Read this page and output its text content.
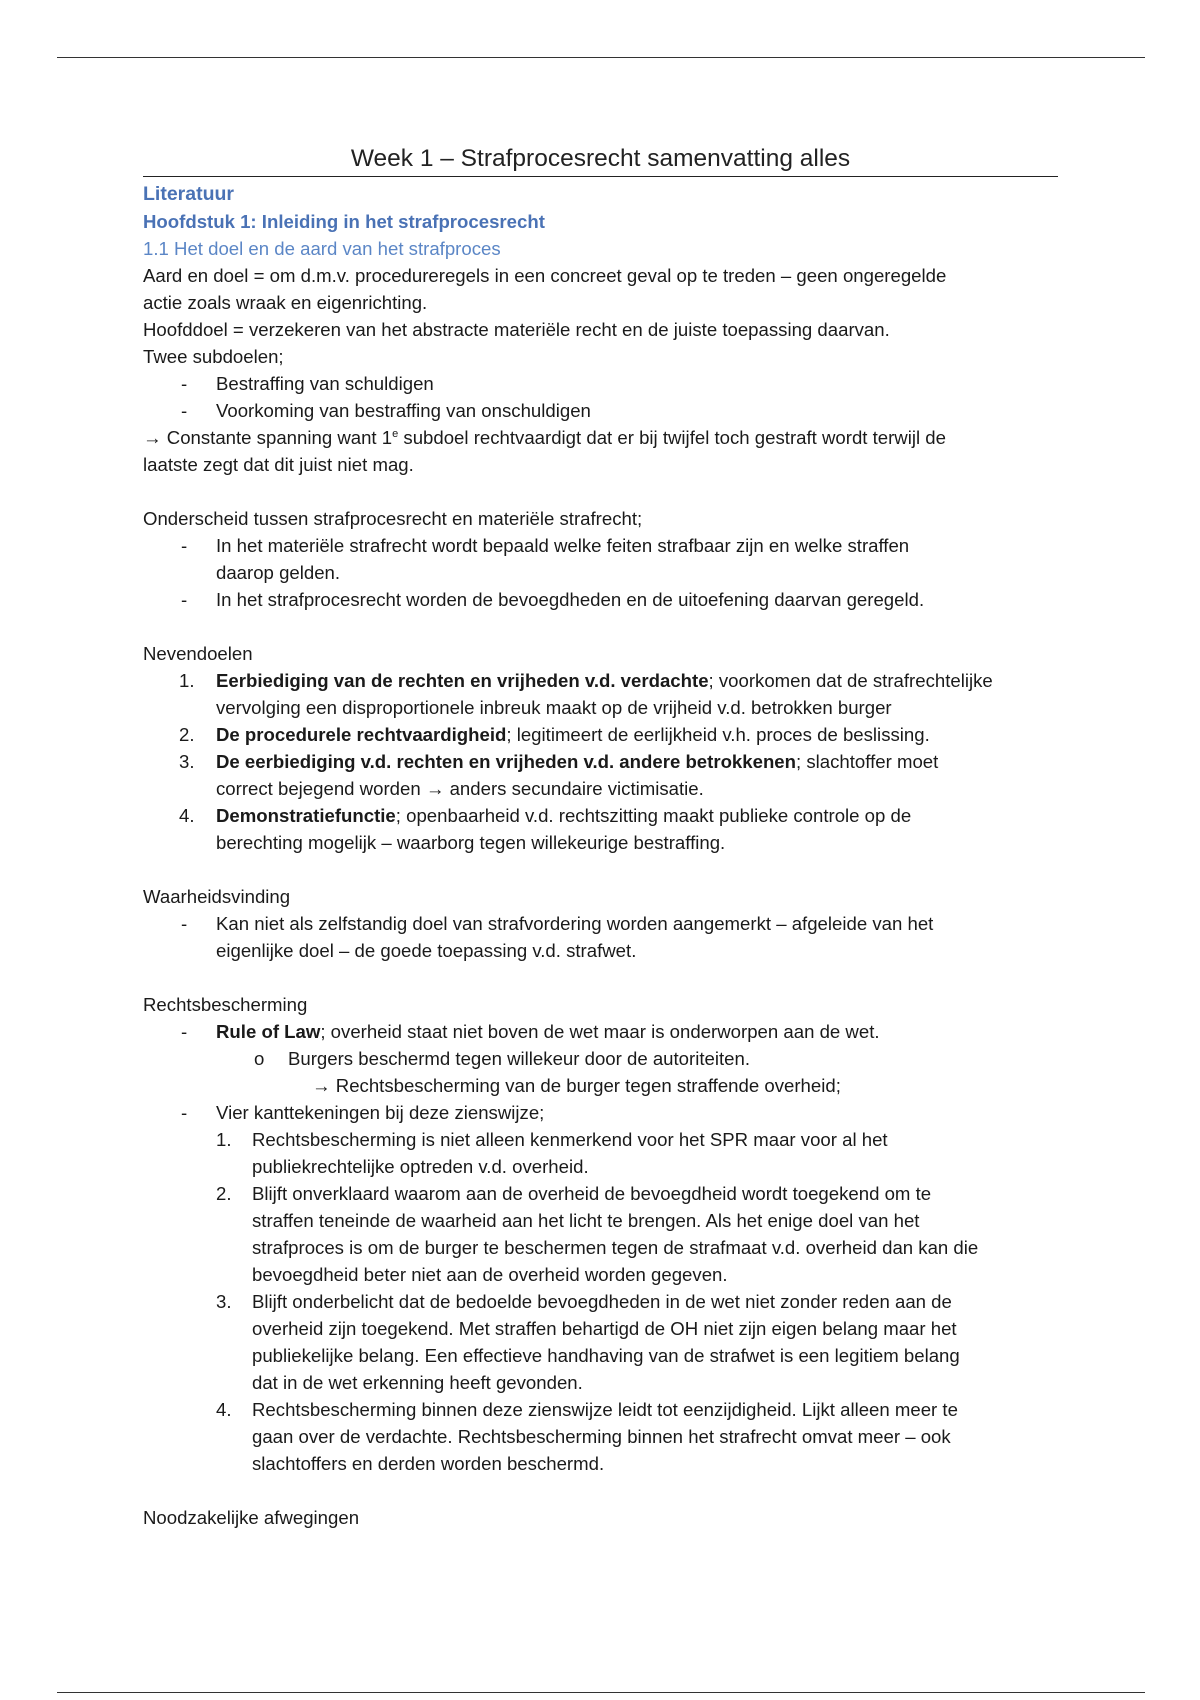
Week 1 – Strafprocesrecht samenvatting alles
Literatuur
Hoofdstuk 1: Inleiding in het strafprocesrecht
1.1 Het doel en de aard van het strafproces
Aard en doel = om d.m.v. procedureregels in een concreet geval op te treden – geen ongeregelde
actie zoals wraak en eigenrichting.
Hoofddoel = verzekeren van het abstracte materiële recht en de juiste toepassing daarvan.
Twee subdoelen;
- Bestraffing van schuldigen
- Voorkoming van bestraffing van onschuldigen
→ Constante spanning want 1e subdoel rechtvaardigt dat er bij twijfel toch gestraft wordt terwijl de
laatste zegt dat dit juist niet mag.
Onderscheid tussen strafprocesrecht en materiële strafrecht;
- In het materiële strafrecht wordt bepaald welke feiten strafbaar zijn en welke straffen
daarop gelden.
- In het strafprocesrecht worden de bevoegdheden en de uitoefening daarvan geregeld.
Nevendoelen
1. Eerbiediging van de rechten en vrijheden v.d. verdachte; voorkomen dat de strafrechtelijke
vervolging een disproportionele inbreuk maakt op de vrijheid v.d. betrokken burger
2. De procedurele rechtvaardigheid; legitimeert de eerlijkheid v.h. proces de beslissing.
3. De eerbiediging v.d. rechten en vrijheden v.d. andere betrokkenen; slachtoffer moet
correct bejegend worden → anders secundaire victimisatie.
4. Demonstratiefunctie; openbaarheid v.d. rechtszitting maakt publieke controle op de
berechting mogelijk – waarborg tegen willekeurige bestraffing.
Waarheidsvinding
- Kan niet als zelfstandig doel van strafvordering worden aangemerkt – afgeleide van het
eigenlijke doel – de goede toepassing v.d. strafwet.
Rechtsbescherming
- Rule of Law; overheid staat niet boven de wet maar is onderworpen aan de wet.
o Burgers beschermd tegen willekeur door de autoriteiten.
→ Rechtsbescherming van de burger tegen straffende overheid;
- Vier kanttekeningen bij deze zienswijze;
1. Rechtsbescherming is niet alleen kenmerkend voor het SPR maar voor al het
publiekrechtelijke optreden v.d. overheid.
2. Blijft onverklaard waarom aan de overheid de bevoegdheid wordt toegekend om te
straffen teneinde de waarheid aan het licht te brengen. Als het enige doel van het
strafproces is om de burger te beschermen tegen de strafmaat v.d. overheid dan kan die
bevoegdheid beter niet aan de overheid worden gegeven.
3. Blijft onderbelicht dat de bedoelde bevoegdheden in de wet niet zonder reden aan de
overheid zijn toegekend. Met straffen behartigd de OH niet zijn eigen belang maar het
publiekelijke belang. Een effectieve handhaving van de strafwet is een legitiem belang
dat in de wet erkenning heeft gevonden.
4. Rechtsbescherming binnen deze zienswijze leidt tot eenzijdigheid. Lijkt alleen meer te
gaan over de verdachte. Rechtsbescherming binnen het strafrecht omvat meer – ook
slachtoffers en derden worden beschermd.
Noodzakelijke afwegingen
